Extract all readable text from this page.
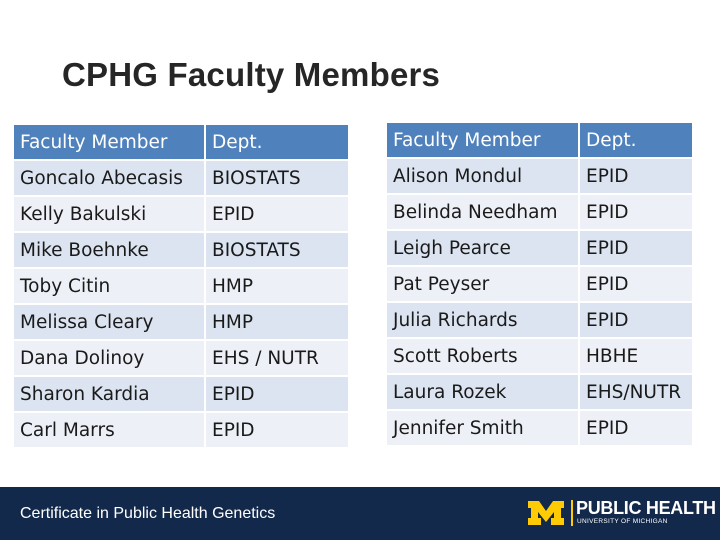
CPHG Faculty Members
Faculty Member	Dept.
Goncalo Abecasis	BIOSTATS
Kelly Bakulski	EPID
Mike Boehnke	BIOSTATS
Toby Citin	HMP
Melissa Cleary	HMP
Dana Dolinoy	EHS / NUTR
Sharon Kardia	EPID
Carl Marrs	EPID
Faculty Member	Dept.
Alison Mondul	EPID
Belinda Needham	EPID
Leigh Pearce	EPID
Pat Peyser	EPID
Julia Richards	EPID
Scott Roberts	HBHE
Laura Rozek	EHS/NUTR
Jennifer Smith	EPID
Certificate in Public Health Genetics	PUBLIC HEALTH
UNIVERSITY OF MICHIGAN
